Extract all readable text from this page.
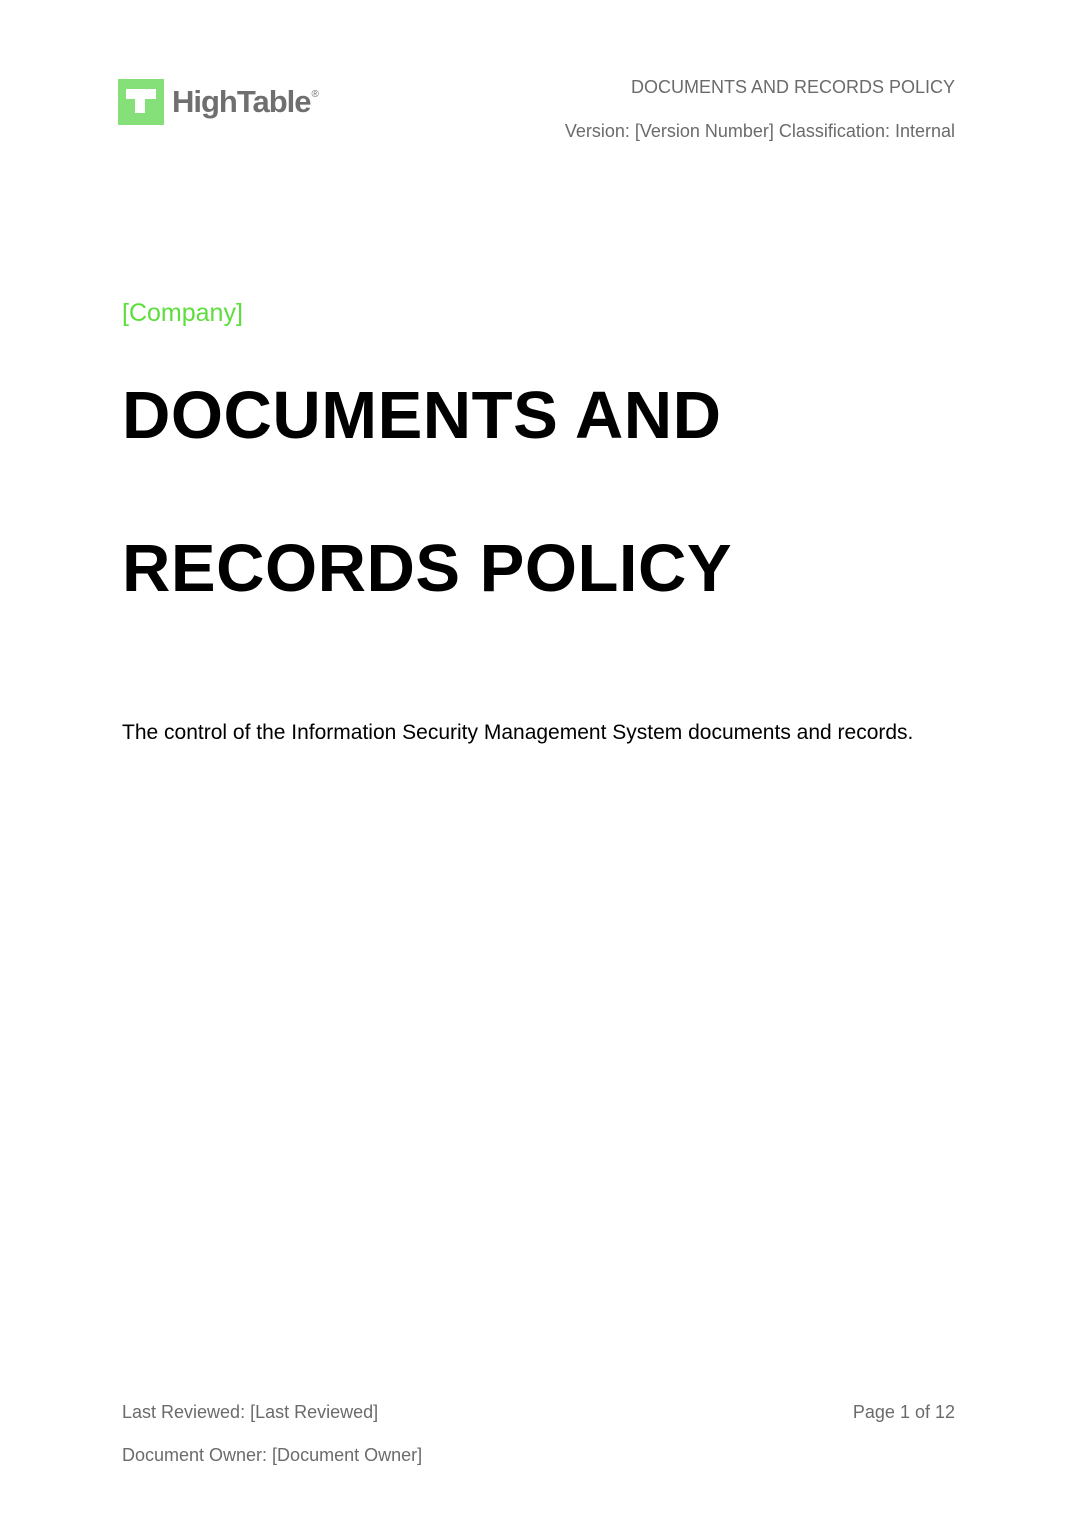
HighTable ®	DOCUMENTS AND RECORDS POLICY
Version: [Version Number] Classification: Internal
[Company]
DOCUMENTS AND
RECORDS POLICY

The control of the Information Security Management System documents and records.

Last Reviewed: [Last Reviewed]
Document Owner: [Document Owner]
Page 1 of 12
